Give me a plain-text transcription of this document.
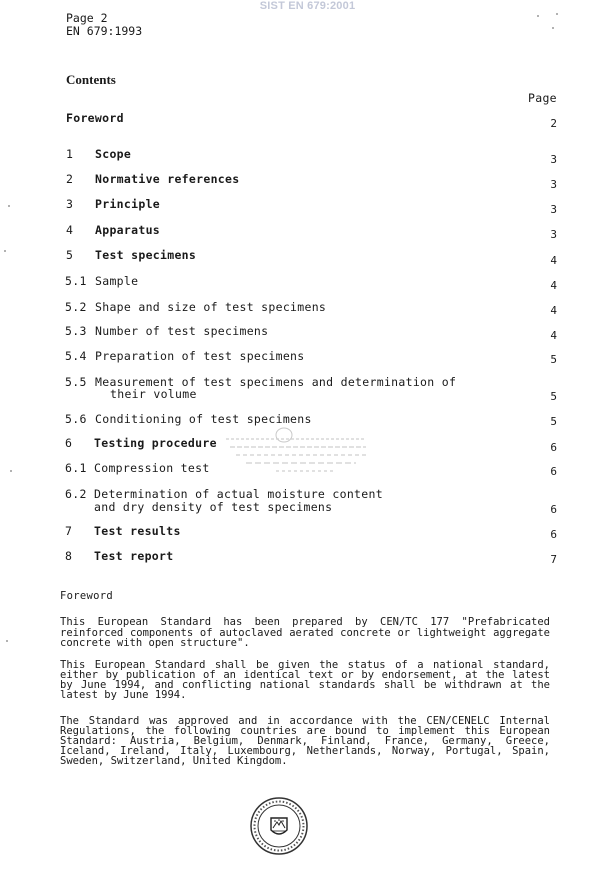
SIST EN 679:2001
Page 2
EN 679:1993
Contents
Page
Foreword	2
1 Scope	3
2 Normative references	3
3 Principle	3
4 Apparatus	3
5 Test specimens	4
5.1 Sample	4
5.2 Shape and size of test specimens	4
5.3 Number of test specimens	4
5.4 Preparation of test specimens	5
5.5 Measurement of test specimens and determination of
their volume	5
5.6 Conditioning of test specimens	5
6 Testing procedure	6
6.1 Compression test	6
6.2 Determination of actual moisture content
and dry density of test specimens	6
7 Test results	6
8 Test report	7
Foreword
This European Standard has been prepared by CEN/TC 177 "Prefabricated reinforced components of autoclaved aerated concrete or lightweight aggregate concrete with open structure".
This European Standard shall be given the status of a national standard, either by publication of an identical text or by endorsement, at the latest by June 1994, and conflicting national standards shall be withdrawn at the latest by June 1994.
The Standard was approved and in accordance with the CEN/CENELC Internal Regulations, the following countries are bound to implement this European Standard: Austria, Belgium, Denmark, Finland, France, Germany, Greece, Iceland, Ireland, Italy, Luxembourg, Netherlands, Norway, Portugal, Spain, Sweden, Switzerland, United Kingdom.
